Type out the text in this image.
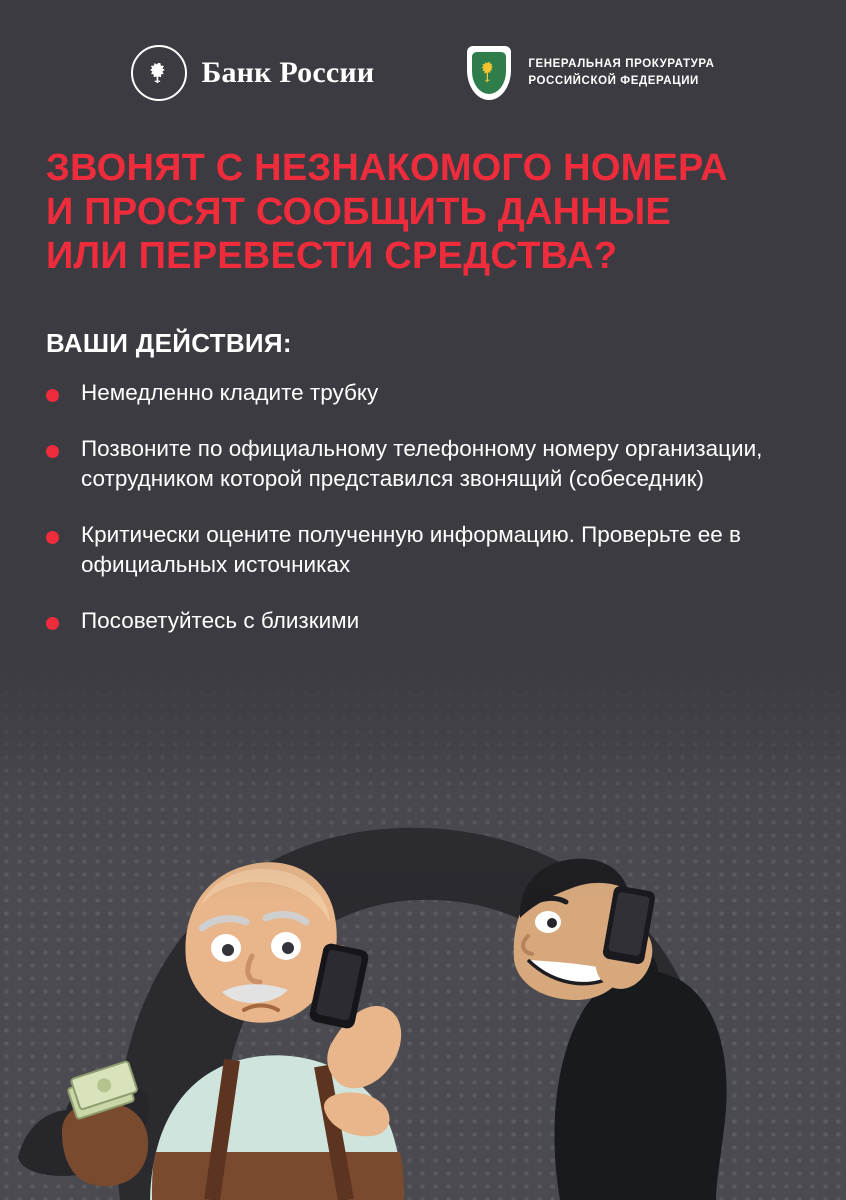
Банк России	ГЕНЕРАЛЬНАЯ ПРОКУРАТУРА
РОССИЙСКОЙ ФЕДЕРАЦИИ
ЗВОНЯТ С НЕЗНАКОМОГО НОМЕРА
И ПРОСЯТ СООБЩИТЬ ДАННЫЕ
ИЛИ ПЕРЕВЕСТИ СРЕДСТВА?
ВАШИ ДЕЙСТВИЯ:
Немедленно кладите трубку
Позвоните по официальному телефонному номеру организации, сотрудником которой представился звонящий (собеседник)
Критически оцените полученную информацию. Проверьте ее в официальных источниках
Посоветуйтесь с близкими
